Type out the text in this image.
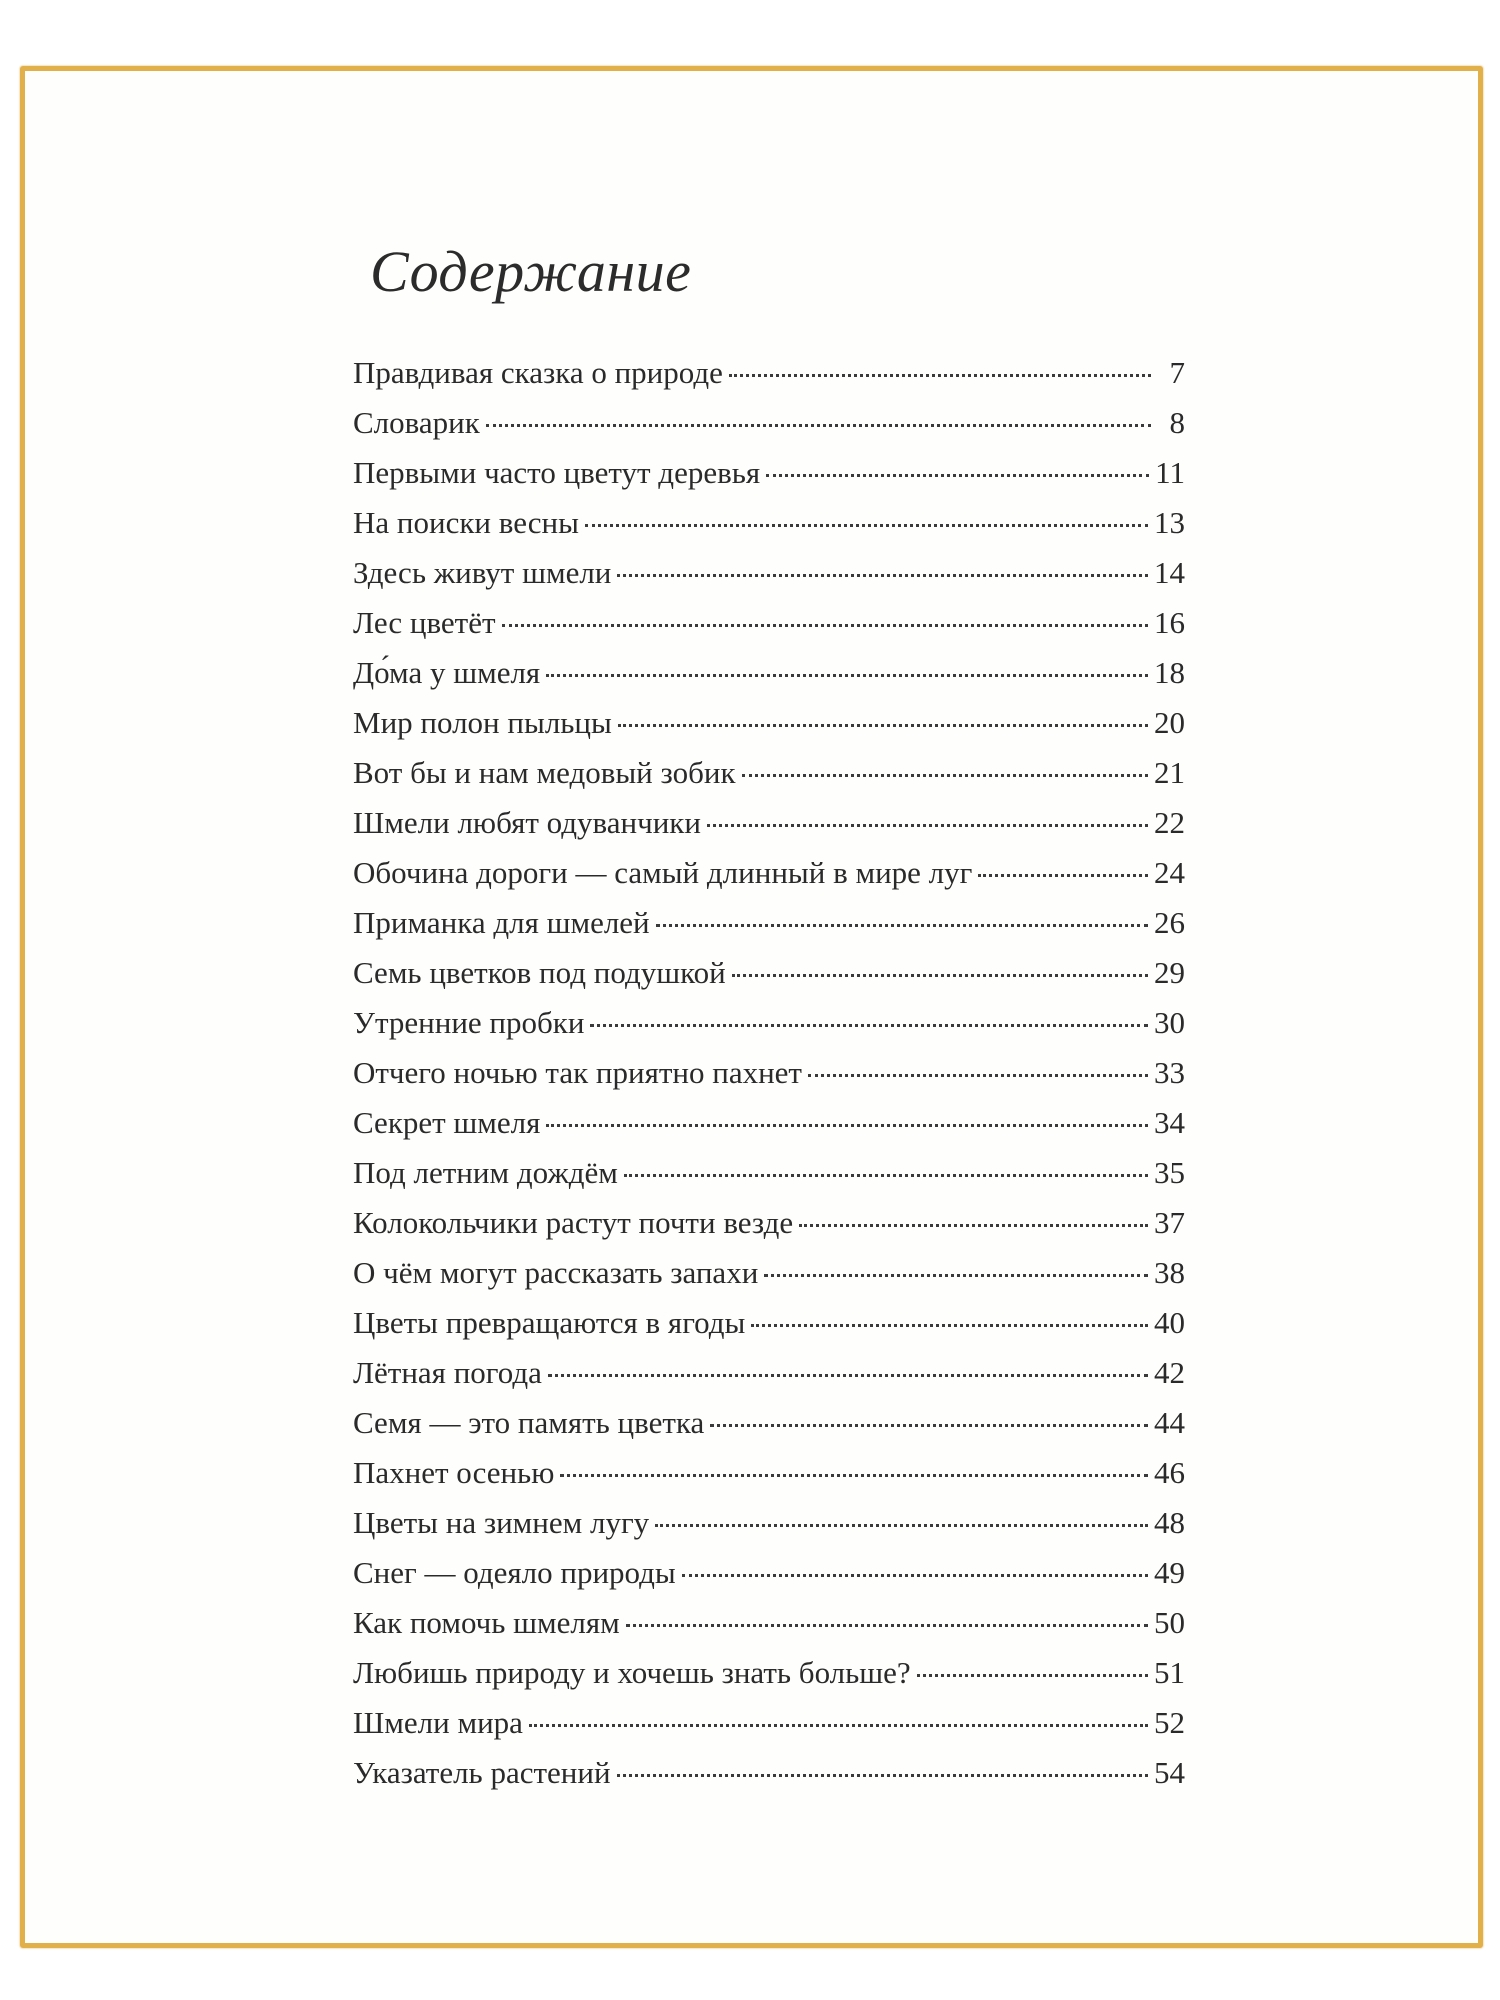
Содержание
Правдивая сказка о природе	7
Словарик	8
Первыми часто цветут деревья	11
На поиски весны	13
Здесь живут шмели	14
Лес цветёт	16
До́ма у шмеля	18
Мир полон пыльцы	20
Вот бы и нам медовый зобик	21
Шмели любят одуванчики	22
Обочина дороги — самый длинный в мире луг	24
Приманка для шмелей	26
Семь цветков под подушкой	29
Утренние пробки	30
Отчего ночью так приятно пахнет	33
Секрет шмеля	34
Под летним дождём	35
Колокольчики растут почти везде	37
О чём могут рассказать запахи	38
Цветы превращаются в ягоды	40
Лётная погода	42
Семя — это память цветка	44
Пахнет осенью	46
Цветы на зимнем лугу	48
Снег — одеяло природы	49
Как помочь шмелям	50
Любишь природу и хочешь знать больше?	51
Шмели мира	52
Указатель растений	54
